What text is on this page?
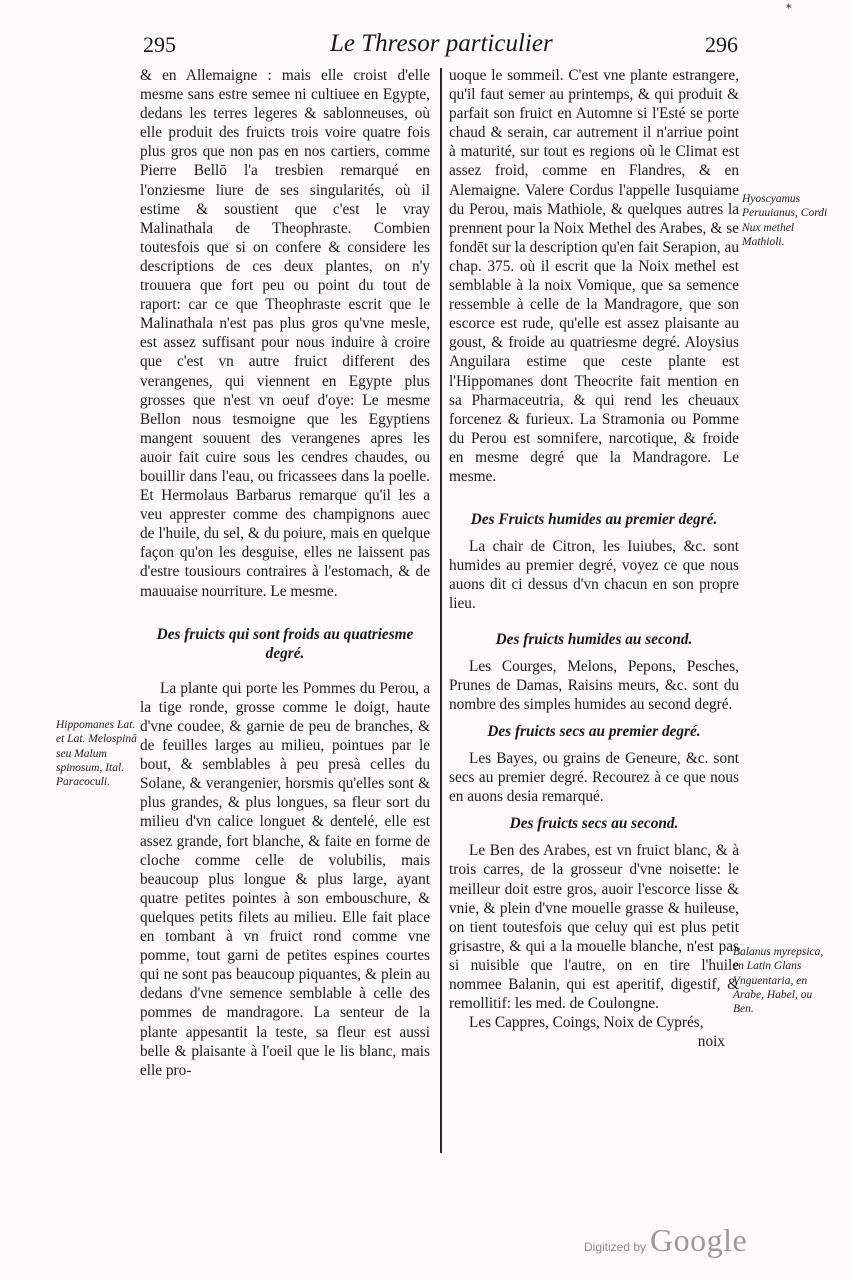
*
295	Le Thresor particulier	296

& en Allemaigne : mais elle croist d'elle mesme sans estre semee ni cultiuee en Egypte, dedans les terres legeres & sablonneuses, où elle produit des fruicts trois voire quatre fois plus gros que non pas en nos cartiers, comme Pierre Bellō l'a tresbien remarqué en l'onziesme liure de ses singularités, où il estime & soustient que c'est le vray Malinathala de Theophraste. Combien toutesfois que si on confere & considere les descriptions de ces deux plantes, on n'y trouuera que fort peu ou point du tout de raport: car ce que Theophraste escrit que le Malinathala n'est pas plus gros qu'vne mesle, est assez suffisant pour nous induire à croire que c'est vn autre fruict different des verangenes, qui viennent en Egypte plus grosses que n'est vn oeuf d'oye: Le mesme Bellon nous tesmoigne que les Egyptiens mangent souuent des verangenes apres les auoir fait cuire sous les cendres chaudes, ou bouillir dans l'eau, ou fricassees dans la poelle. Et Hermolaus Barbarus remarque qu'il les a veu apprester comme des champignons auec de l'huile, du sel, & du poiure, mais en quelque façon qu'on les desguise, elles ne laissent pas d'estre tousiours contraires à l'estomach, & de mauuaise nourriture. Le mesme.

Des fruicts qui sont froids au quatriesme degré.

La plante qui porte les Pommes du Perou, a la tige ronde, grosse comme le doigt, haute d'vne coudee, & garnie de peu de branches, & de feuilles larges au milieu, pointues par le bout, & semblables à peu presà celles du Solane, & verangenier, horsmis qu'elles sont & plus grandes, & plus longues, sa fleur sort du milieu d'vn calice longuet & dentelé, elle est assez grande, fort blanche, & faite en forme de cloche comme celle de volubilis, mais beaucoup plus longue & plus large, ayant quatre petites pointes à son embouschure, & quelques petits filets au milieu. Elle fait place en tombant à vn fruict rond comme vne pomme, tout garni de petites espines courtes qui ne sont pas beaucoup piquantes, & plein au dedans d'vne semence semblable à celle des pommes de mandragore. La senteur de la plante appesantit la teste, sa fleur est aussi belle & plaisante à l'oeil que le lis blanc, mais elle pro-

uoque le sommeil. C'est vne plante estrangere, qu'il faut semer au printemps, & qui produit & parfait son fruict en Automne si l'Esté se porte chaud & serain, car autrement il n'arriue point à maturité, sur tout es regions où le Climat est assez froid, comme en Flandres, & en Alemaigne. Valere Cordus l'appelle Iusquiame du Perou, mais Mathiole, & quelques autres la prennent pour la Noix Methel des Arabes, & se fondēt sur la description qu'en fait Serapion, au chap. 375. où il escrit que la Noix methel est semblable à la noix Vomique, que sa semence ressemble à celle de la Mandragore, que son escorce est rude, qu'elle est assez plaisante au goust, & froide au quatriesme degré. Aloysius Anguilara estime que ceste plante est l'Hippomanes dont Theocrite fait mention en sa Pharmaceutria, & qui rend les cheuaux forcenez & furieux. La Stramonia ou Pomme du Perou est somnifere, narcotique, & froide en mesme degré que la Mandragore. Le mesme.

Des Fruicts humides au premier degré.

La chair de Citron, les Iuiubes, &c. sont humides au premier degré, voyez ce que nous auons dit ci dessus d'vn chacun en son propre lieu.

Des fruicts humides au second.

Les Courges, Melons, Pepons, Pesches, Prunes de Damas, Raisins meurs, &c. sont du nombre des simples humides au second degré.

Des fruicts secs au premier degré.

Les Bayes, ou grains de Geneure, &c. sont secs au premier degré. Recourez à ce que nous en auons desia remarqué.

Des fruicts secs au second.

Le Ben des Arabes, est vn fruict blanc, & à trois carres, de la grosseur d'vne noisette: le meilleur doit estre gros, auoir l'escorce lisse & vnie, & plein d'vne mouelle grasse & huileuse, on tient toutesfois que celuy qui est plus petit grisastre, & qui a la mouelle blanche, n'est pas si nuisible que l'autre, on en tire l'huile nommee Balanin, qui est aperitif, digestif, & remollitif: les med. de Coulongne.

Les Cappres, Coings, Noix de Cyprés,

noix

Hyoscyamus Peruuianus, Cordi Nux methel Mathioli.
Hippomanes Lat. et Lat. Melospinā seu Malum spinosum, Ital. Paracoculi.
Balanus myrepsica, en Latin Glans Vnguentaria, en Arabe, Habel, ou Ben.
Digitized by Google
